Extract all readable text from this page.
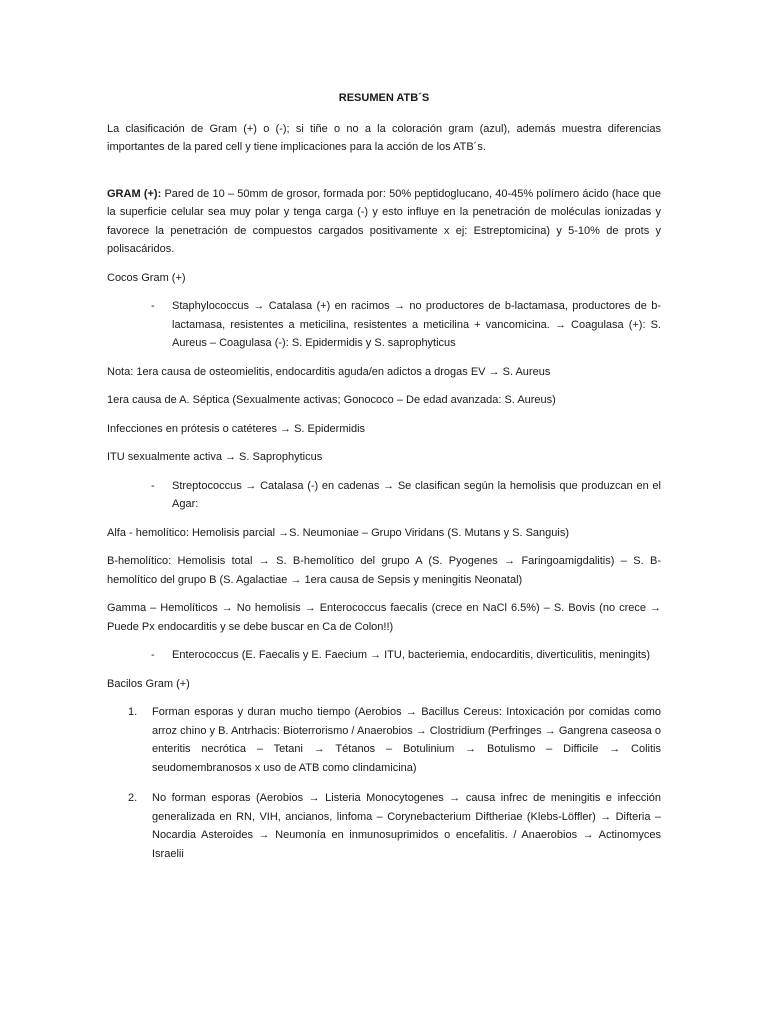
RESUMEN ATB´S

La clasificación de Gram (+) o (-); si tiñe o no a la coloración gram (azul), además muestra diferencias importantes de la pared cell y tiene implicaciones para la acción de los ATB´s.

GRAM (+): Pared de 10 – 50mm de grosor, formada por: 50% peptidoglucano, 40-45% polímero ácido (hace que la superficie celular sea muy polar y tenga carga (-) y esto influye en la penetración de moléculas ionizadas y favorece la penetración de compuestos cargados positivamente x ej: Estreptomicina) y 5-10% de prots y polisacáridos.

Cocos Gram (+)

-	Staphylococcus → Catalasa (+) en racimos → no productores de b-lactamasa, productores de b-lactamasa, resistentes a meticilina, resistentes a meticilina + vancomicina. → Coagulasa (+): S. Aureus – Coagulasa (-): S. Epidermidis y S. saprophyticus

Nota: 1era causa de osteomielitis, endocarditis aguda/en adictos a drogas EV → S. Aureus

1era causa de A. Séptica (Sexualmente activas; Gonococo – De edad avanzada: S. Aureus)

Infecciones en prótesis o catéteres → S. Epidermidis

ITU sexualmente activa → S. Saprophyticus

-	Streptococcus → Catalasa (-) en cadenas → Se clasifican según la hemolisis que produzcan en el Agar:

Alfa - hemolítico: Hemolisis parcial →S. Neumoniae – Grupo Viridans (S. Mutans y S. Sanguis)

B-hemolítico: Hemolisis total → S. B-hemolítico del grupo A (S. Pyogenes → Faringoamigdalitis) – S. B-hemolítico del grupo B (S. Agalactiae → 1era causa de Sepsis y meningitis Neonatal)

Gamma – Hemolíticos → No hemolisis → Enterococcus faecalis (crece en NaCl 6.5%) – S. Bovis (no crece → Puede Px endocarditis y se debe buscar en Ca de Colon!!)

-	Enterococcus (E. Faecalis y E. Faecium → ITU, bacteriemia, endocarditis, diverticulitis, meningits)

Bacilos Gram (+)

1.	Forman esporas y duran mucho tiempo (Aerobios → Bacillus Cereus: Intoxicación por comidas como arroz chino y B. Antrhacis: Bioterrorismo / Anaerobios → Clostridium (Perfringes → Gangrena caseosa o enteritis necrótica – Tetani → Tétanos – Botulinium → Botulismo – Difficile → Colitis seudomembranosos x uso de ATB como clindamicina)
2.	No forman esporas (Aerobios → Listeria Monocytogenes → causa infrec de meningitis e infección generalizada en RN, VIH, ancianos, linfoma – Corynebacterium Diftheriae (Klebs-Löffler) → Difteria – Nocardia Asteroides → Neumonía en inmunosuprimidos o encefalitis. / Anaerobios → Actinomyces Israelii
